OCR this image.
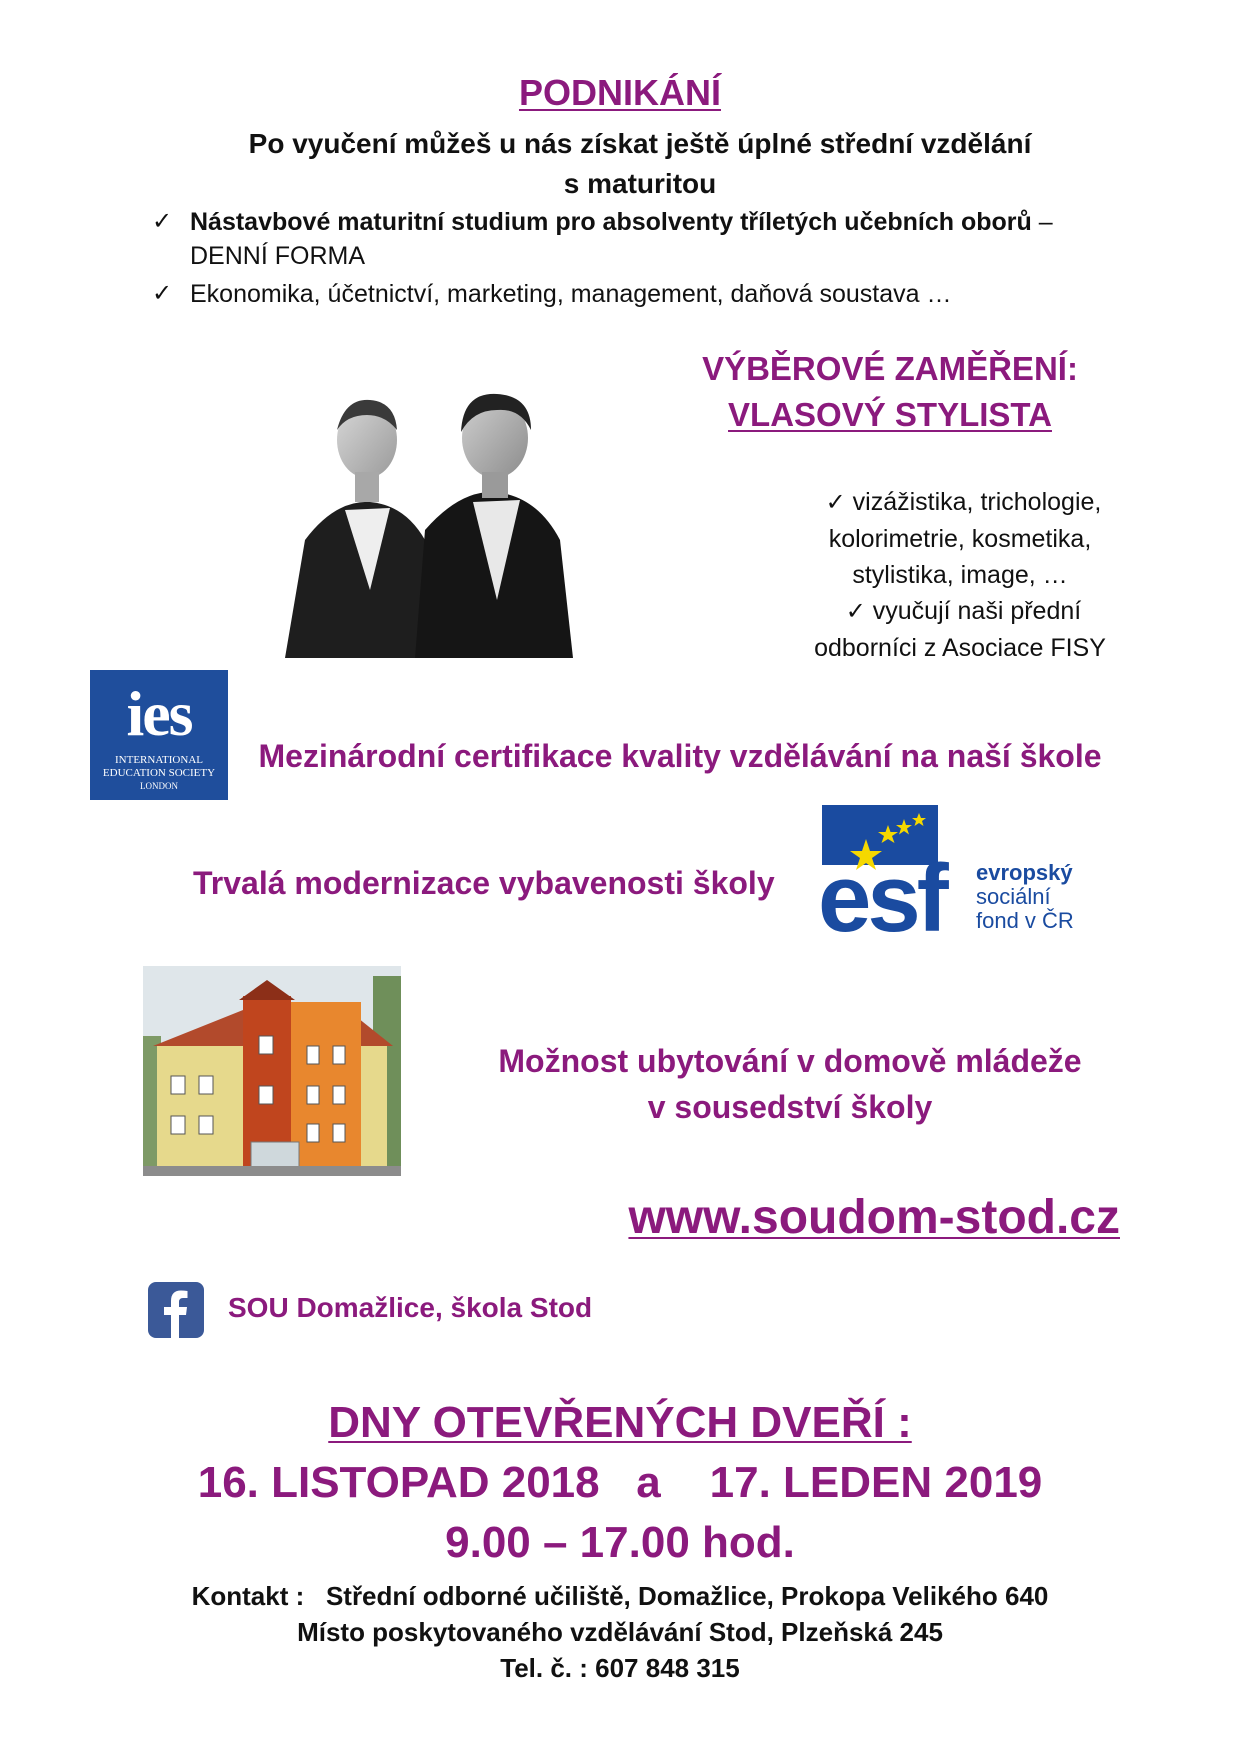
PODNIKÁNÍ
Po vyučení můžeš u nás získat ještě úplné střední vzdělání
s maturitou
✓ Nástavbové maturitní studium pro absolventy tříletých učebních oborů – DENNÍ FORMA
✓ Ekonomika, účetnictví, marketing, management, daňová soustava …
VÝBĚROVÉ ZAMĚŘENÍ:
VLASOVÝ STYLISTA
✓ vizážistika, trichologie,
kolorimetrie, kosmetika,
stylistika, image, …
✓ vyučují naši přední
odborníci z Asociace FISY
ies
INTERNATIONAL
EDUCATION SOCIETY
LONDON
Mezinárodní certifikace kvality vzdělávání na naší škole
Trvalá modernizace vybavenosti školy esf	evropský
sociální
fond v ČR
Možnost ubytování v domově mládeže
v sousedství školy
www.soudom-stod.cz
SOU Domažlice, škola Stod
DNY OTEVŘENÝCH DVEŘÍ :
16. LISTOPAD 2018   a    17. LEDEN 2019
9.00 – 17.00 hod.
Kontakt :   Střední odborné učiliště, Domažlice, Prokopa Velikého 640
Místo poskytovaného vzdělávání Stod, Plzeňská 245
Tel. č. : 607 848 315
